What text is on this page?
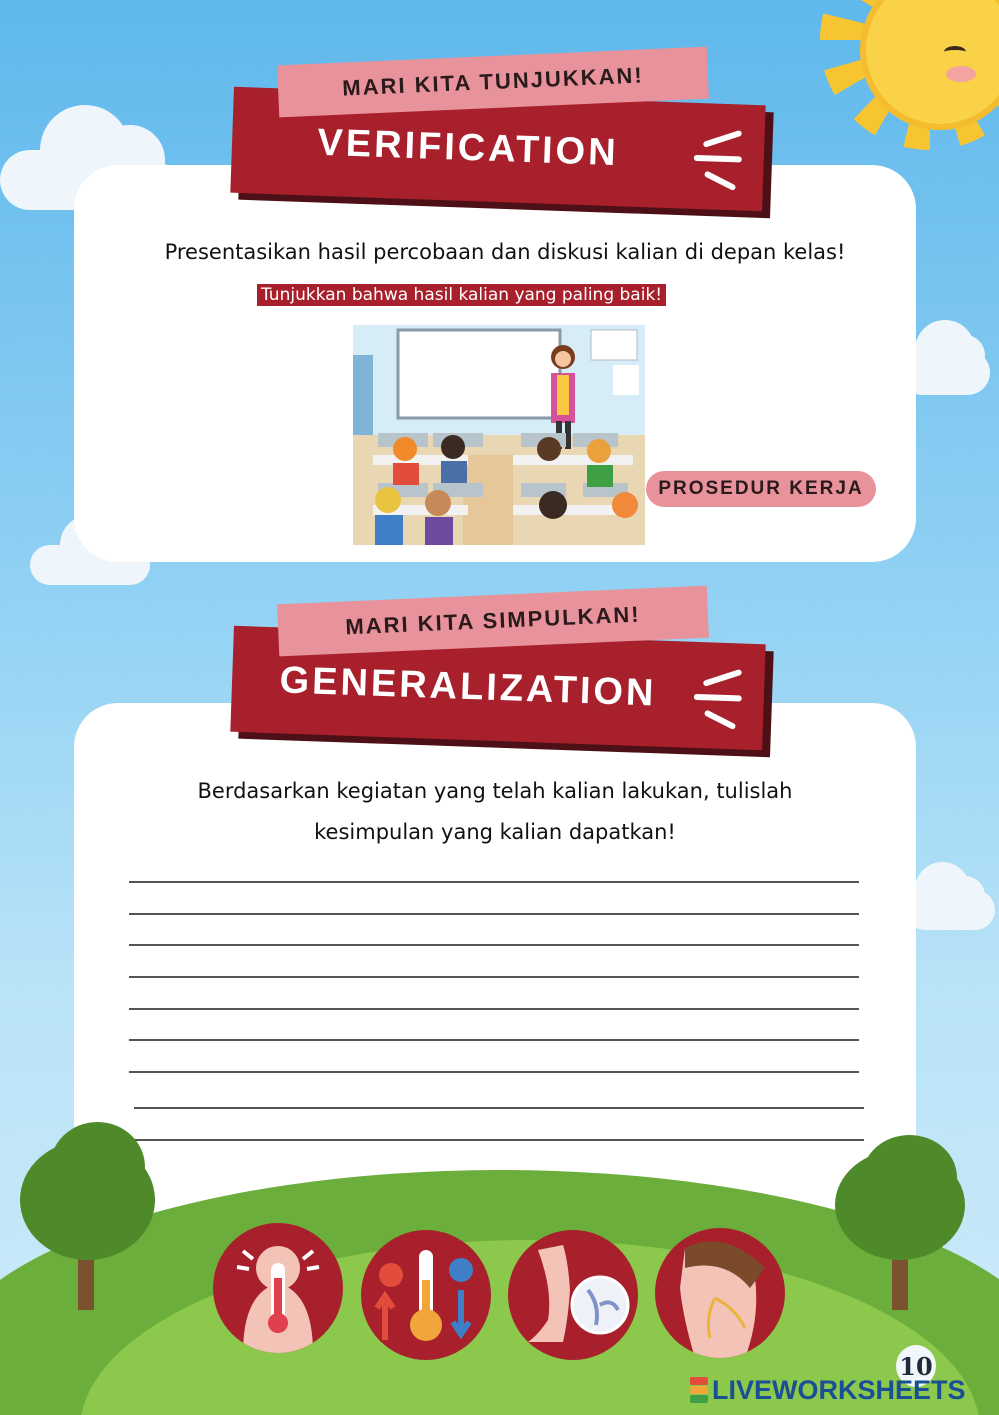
VERIFICATION
MARI KITA TUNJUKKAN!
Presentasikan hasil percobaan dan diskusi kalian di depan kelas!
Tunjukkan bahwa hasil kalian yang paling baik!
PROSEDUR KERJA
GENERALIZATION
MARI KITA SIMPULKAN!
Berdasarkan kegiatan yang telah kalian lakukan, tulislah
kesimpulan yang kalian dapatkan!
10
LIVEWORKSHEETS
